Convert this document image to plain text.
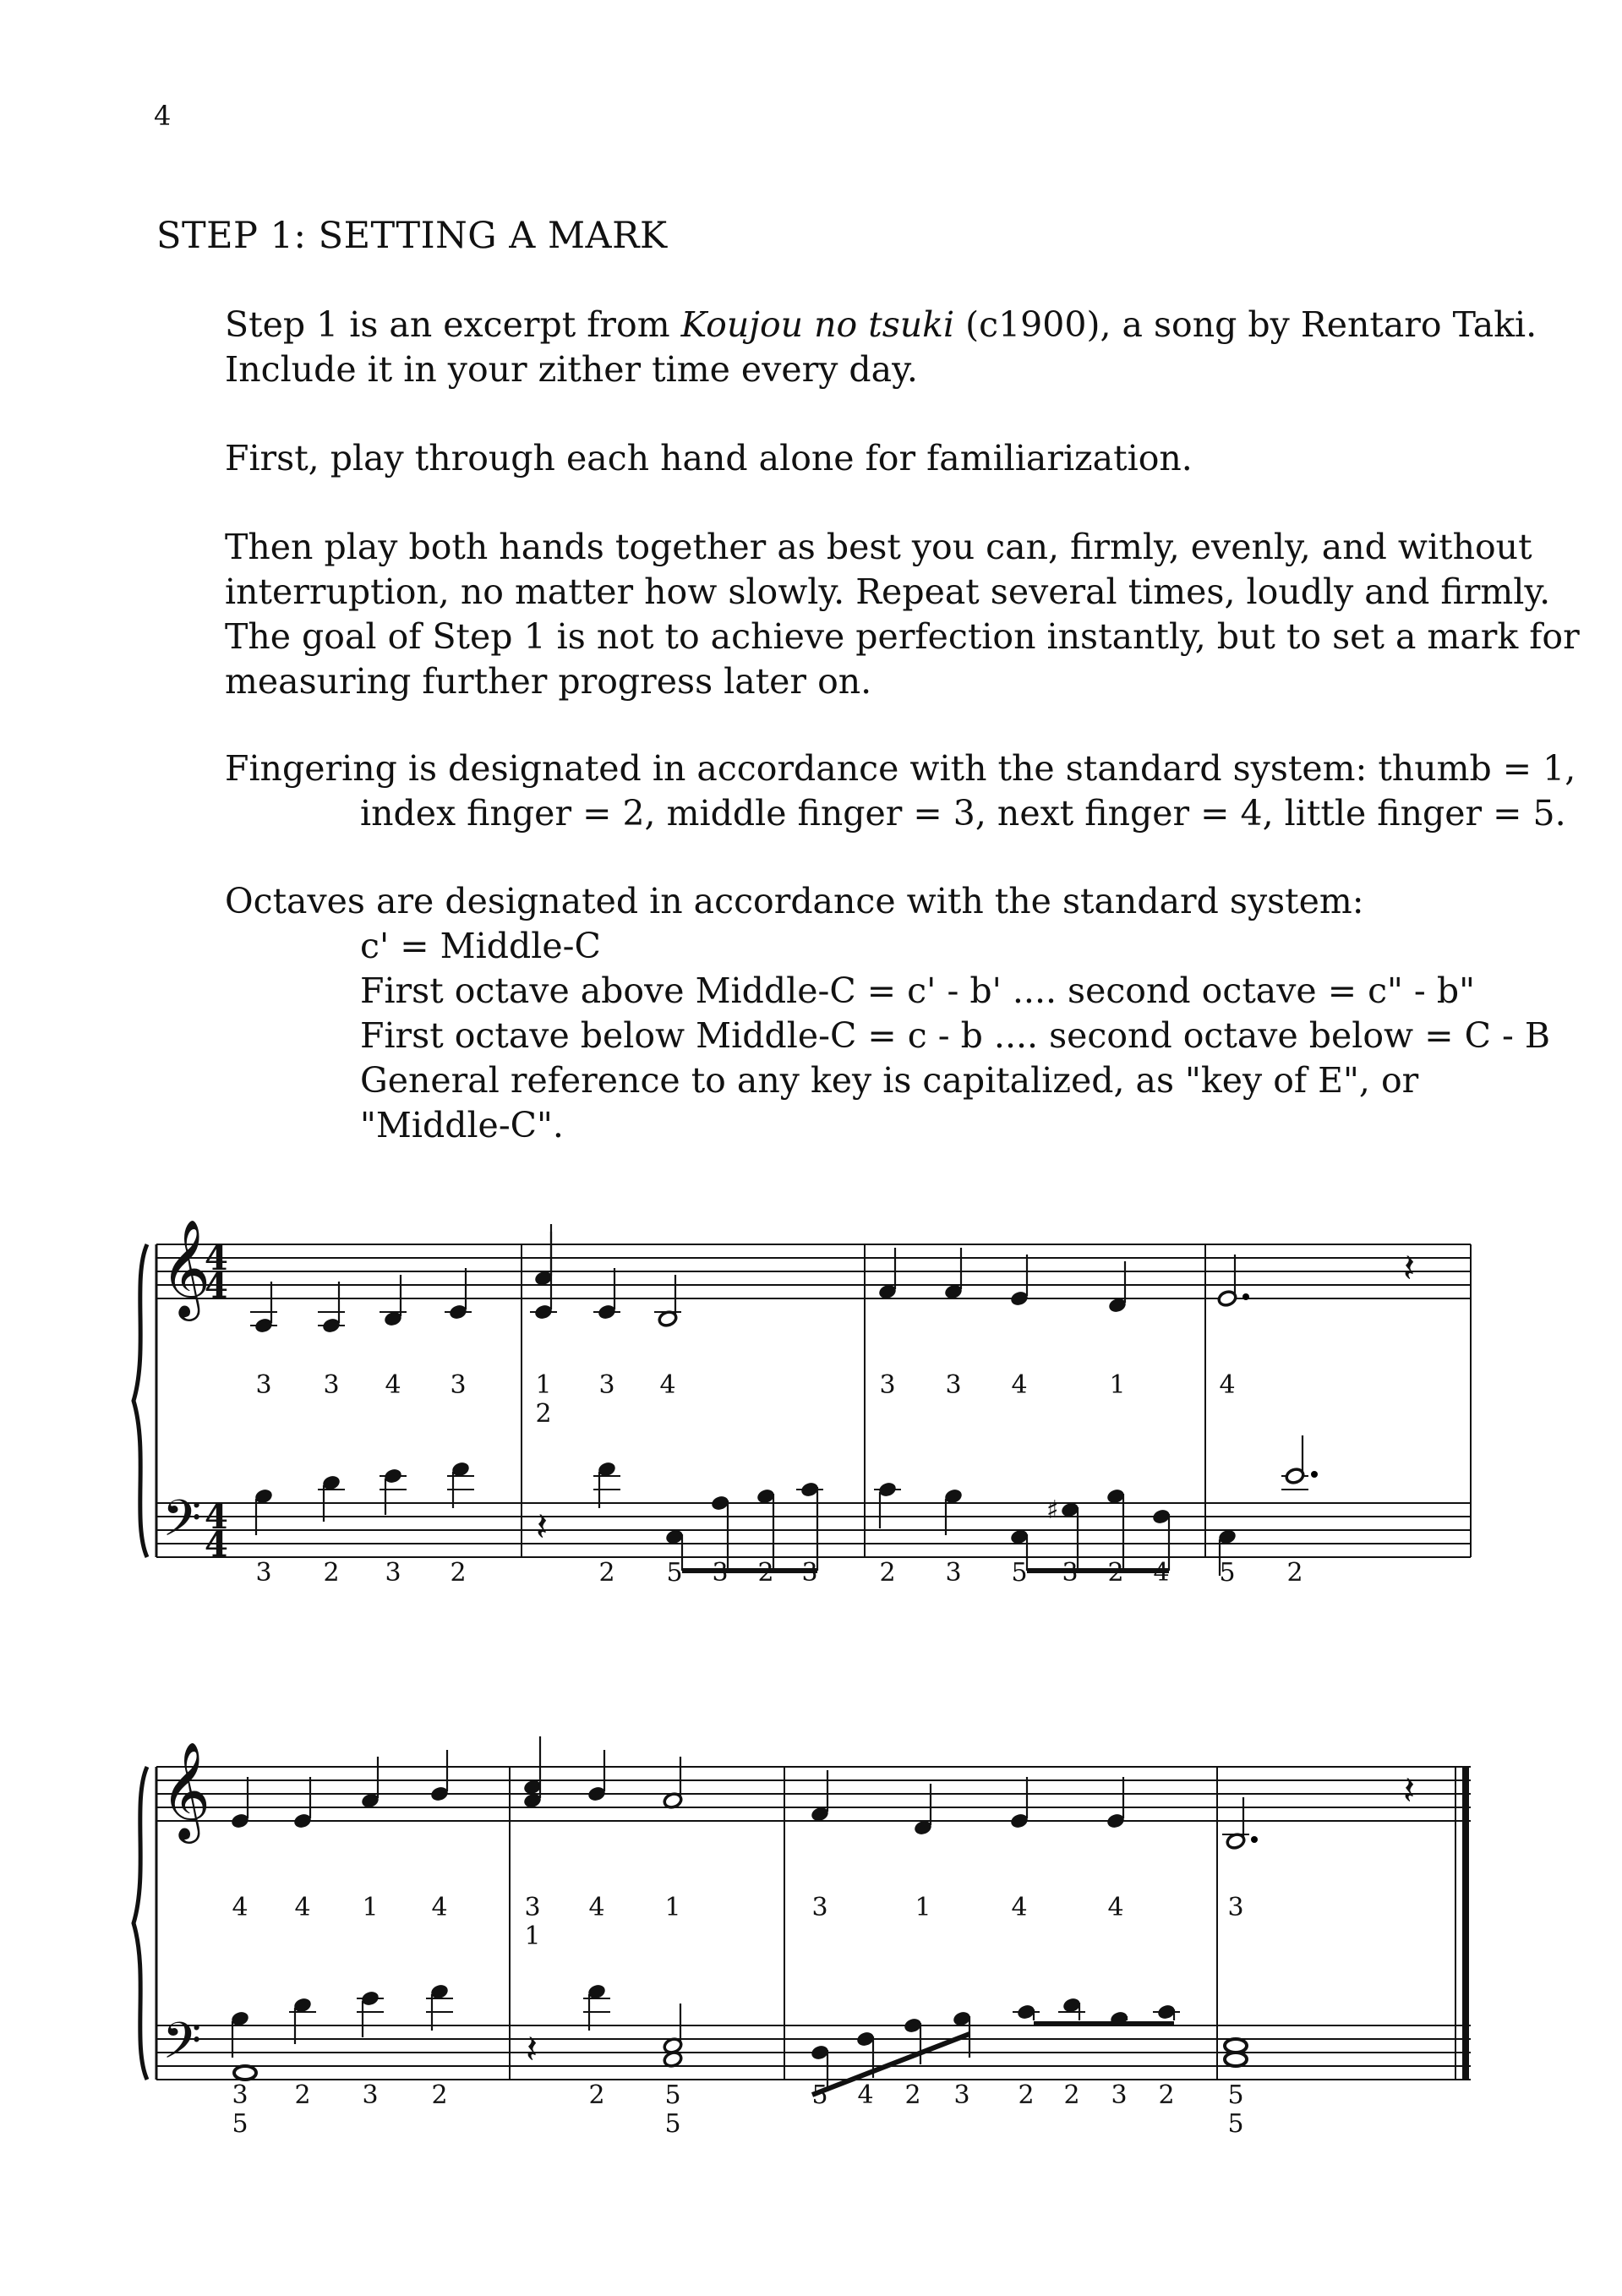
4
STEP 1: SETTING A MARK
Step 1 is an excerpt from Koujou no tsuki (c1900), a song by Rentaro Taki.
Include it in your zither time every day.
First, play through each hand alone for familiarization.
Then play both hands together as best you can, firmly, evenly, and without
interruption, no matter how slowly. Repeat several times, loudly and firmly.
The goal of Step 1 is not to achieve perfection instantly, but to set a mark for
measuring further progress later on.
Fingering is designated in accordance with the standard system: thumb = 1,
index finger = 2, middle finger = 3, next finger = 4, little finger = 5.
Octaves are designated in accordance with the standard system:
c' = Middle-C
First octave above Middle-C = c' - b' .... second octave = c" - b"
First octave below Middle-C = c - b .... second octave below = C - B
General reference to any key is capitalized, as "key of E", or
"Middle-C".
𝄞
𝄢
4
4
4
4
𝄽
3 3 4 3	1
2
3 4	3 3 4	1	4
𝄽	♯
3 2 3 2	2 5 3 2 3 2 3 5 3 2 4 5 2
𝄞
𝄢
𝄽
4 4 1 4	3
1
4 1	3	1	4	4	3
𝄽
3
5
2 3 2	2 5
5
5 4 2 3 2 2 3 2 5
5
